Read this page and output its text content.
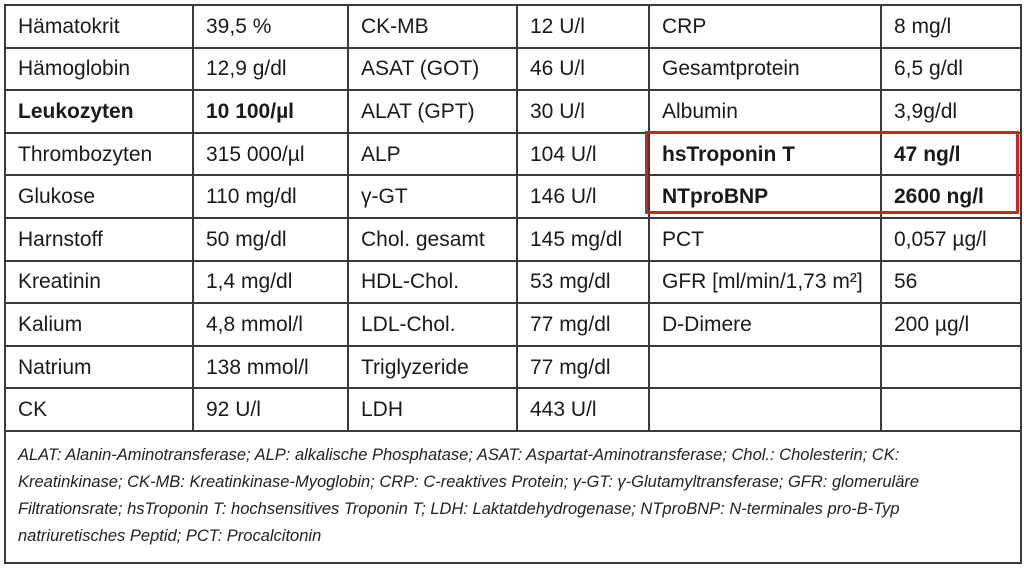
Hämatokrit	39,5 %	CK-MB	12 U/l	CRP	8 mg/l
Hämoglobin	12,9 g/dl	ASAT (GOT)	46 U/l	Gesamtprotein	6,5 g/dl
Leukozyten	10 100/µl	ALAT (GPT)	30 U/l	Albumin	3,9g/dl
Thrombozyten	315 000/µl	ALP	104 U/l	hsTroponin T	47 ng/l
Glukose	110 mg/dl	γ-GT	146 U/l	NTproBNP	2600 ng/l
Harnstoff	50 mg/dl	Chol. gesamt	145 mg/dl	PCT	0,057 µg/l
Kreatinin	1,4 mg/dl	HDL-Chol.	53 mg/dl	GFR [ml/min/1,73 m²]	56
Kalium	4,8 mmol/l	LDL-Chol.	77 mg/dl	D-Dimere	200 µg/l
Natrium	138 mmol/l	Triglyzeride	77 mg/dl		
CK	92 U/l	LDH	443 U/l		
ALAT: Alanin-Aminotransferase; ALP: alkalische Phosphatase; ASAT: Aspartat-Aminotransferase; Chol.: Cholesterin; CK: Kreatinkinase; CK-MB: Kreatinkinase-Myoglobin; CRP: C-reaktives Protein; γ-GT: γ-Glutamyltransferase; GFR: glomeruläre Filtrationsrate; hsTroponin T: hochsensitives Troponin T; LDH: Laktatdehydrogenase; NTproBNP: N-terminales pro-B-Typ natriuretisches Peptid; PCT: Procalcitonin					
